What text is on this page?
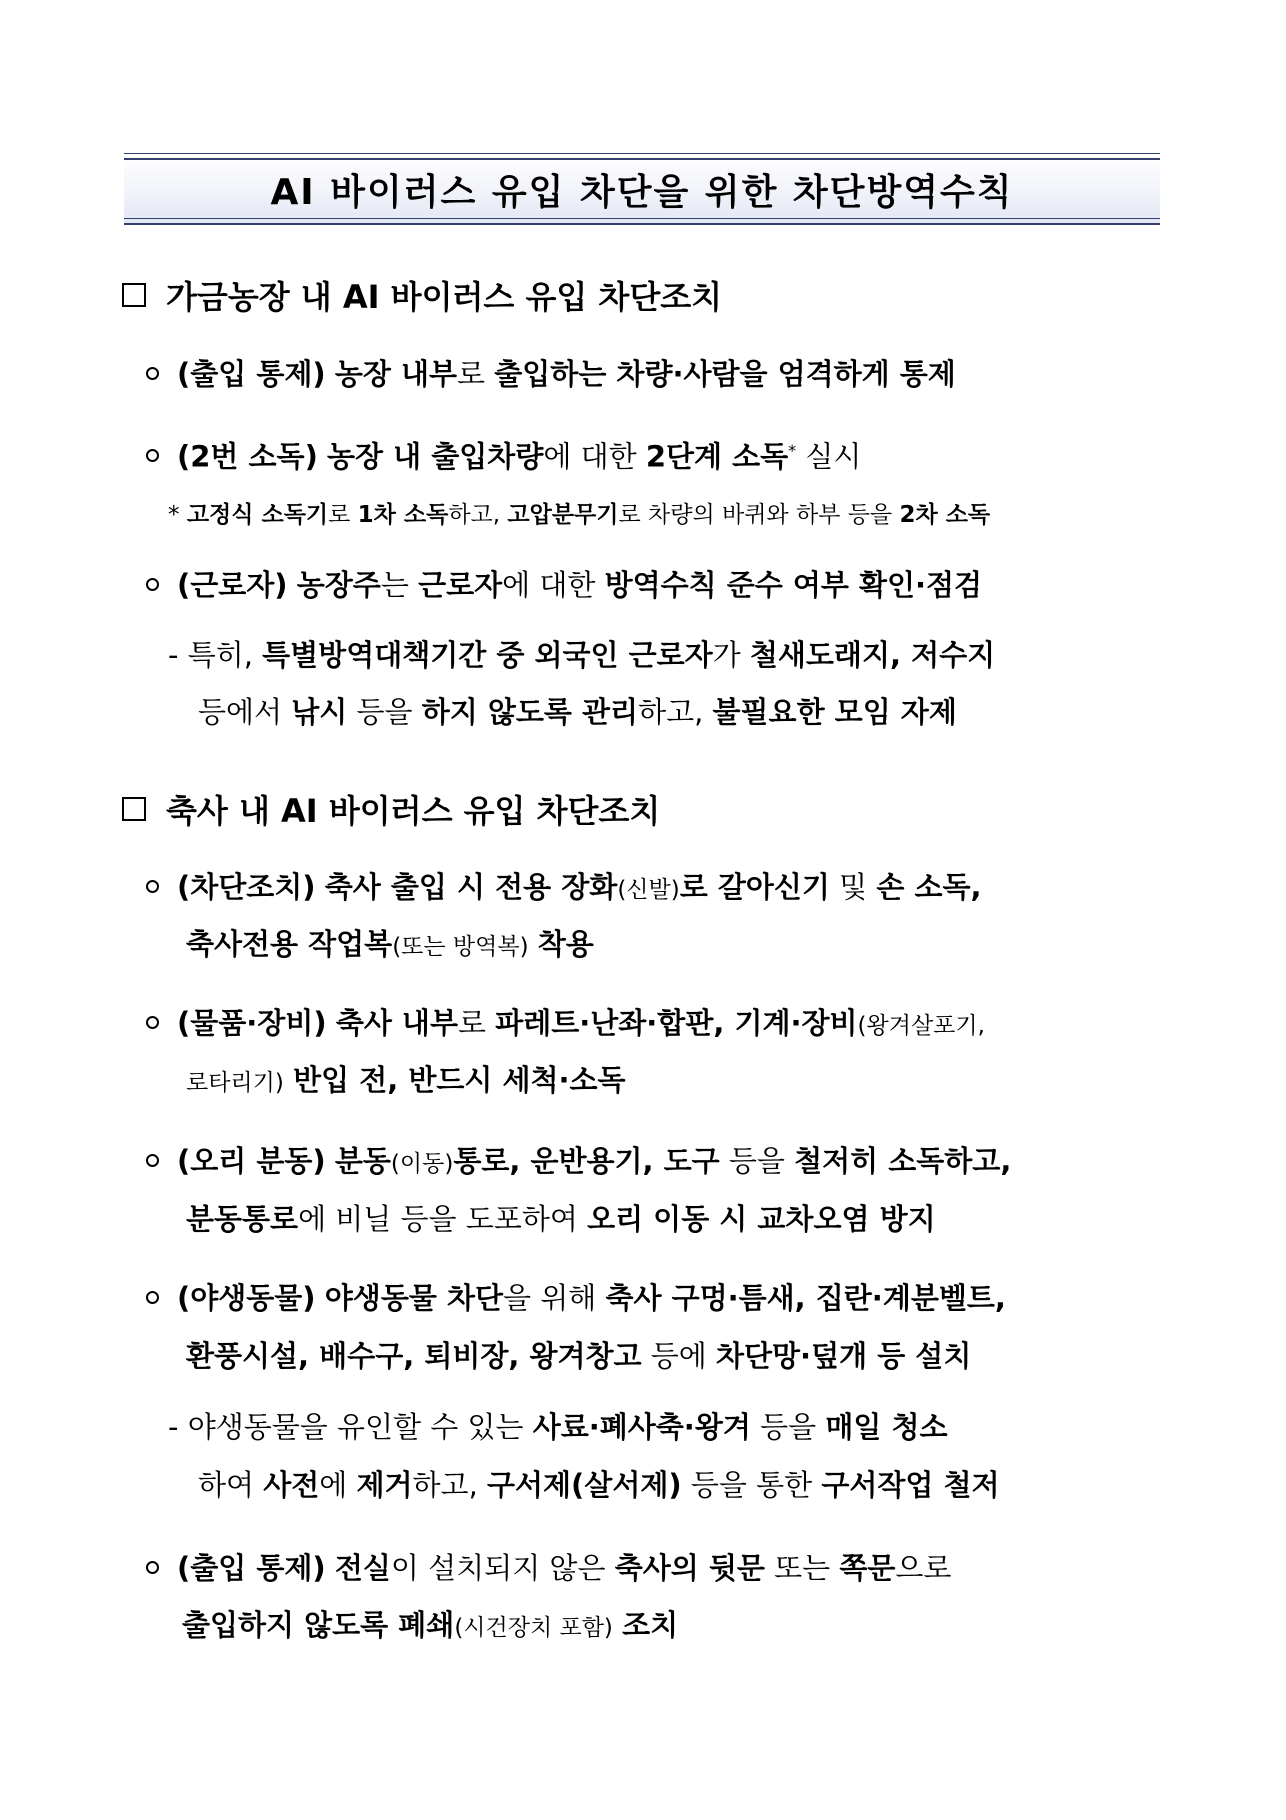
AI 바이러스 유입 차단을 위한 차단방역수칙
가금농장 내 AI 바이러스 유입 차단조치
(출입 통제) 농장 내부로 출입하는 차량·사람을 엄격하게 통제
(2번 소독) 농장 내 출입차량에 대한 2단계 소독* 실시
* 고정식 소독기로 1차 소독하고, 고압분무기로 차량의 바퀴와 하부 등을 2차 소독
(근로자) 농장주는 근로자에 대한 방역수칙 준수 여부 확인·점검
- 특히, 특별방역대책기간 중 외국인 근로자가 철새도래지, 저수지
등에서 낚시 등을 하지 않도록 관리하고, 불필요한 모임 자제
축사 내 AI 바이러스 유입 차단조치
(차단조치) 축사 출입 시 전용 장화(신발)로 갈아신기 및 손 소독,
축사전용 작업복(또는 방역복) 착용
(물품·장비) 축사 내부로 파레트·난좌·합판, 기계·장비(왕겨살포기,
로타리기) 반입 전, 반드시 세척·소독
(오리 분동) 분동(이동)통로, 운반용기, 도구 등을 철저히 소독하고,
분동통로에 비닐 등을 도포하여 오리 이동 시 교차오염 방지
(야생동물) 야생동물 차단을 위해 축사 구멍·틈새, 집란·계분벨트,
환풍시설, 배수구, 퇴비장, 왕겨창고 등에 차단망·덮개 등 설치
- 야생동물을 유인할 수 있는 사료·폐사축·왕겨 등을 매일 청소
하여 사전에 제거하고, 구서제(살서제) 등을 통한 구서작업 철저
(출입 통제) 전실이 설치되지 않은 축사의 뒷문 또는 쪽문으로
출입하지 않도록 폐쇄(시건장치 포함) 조치
